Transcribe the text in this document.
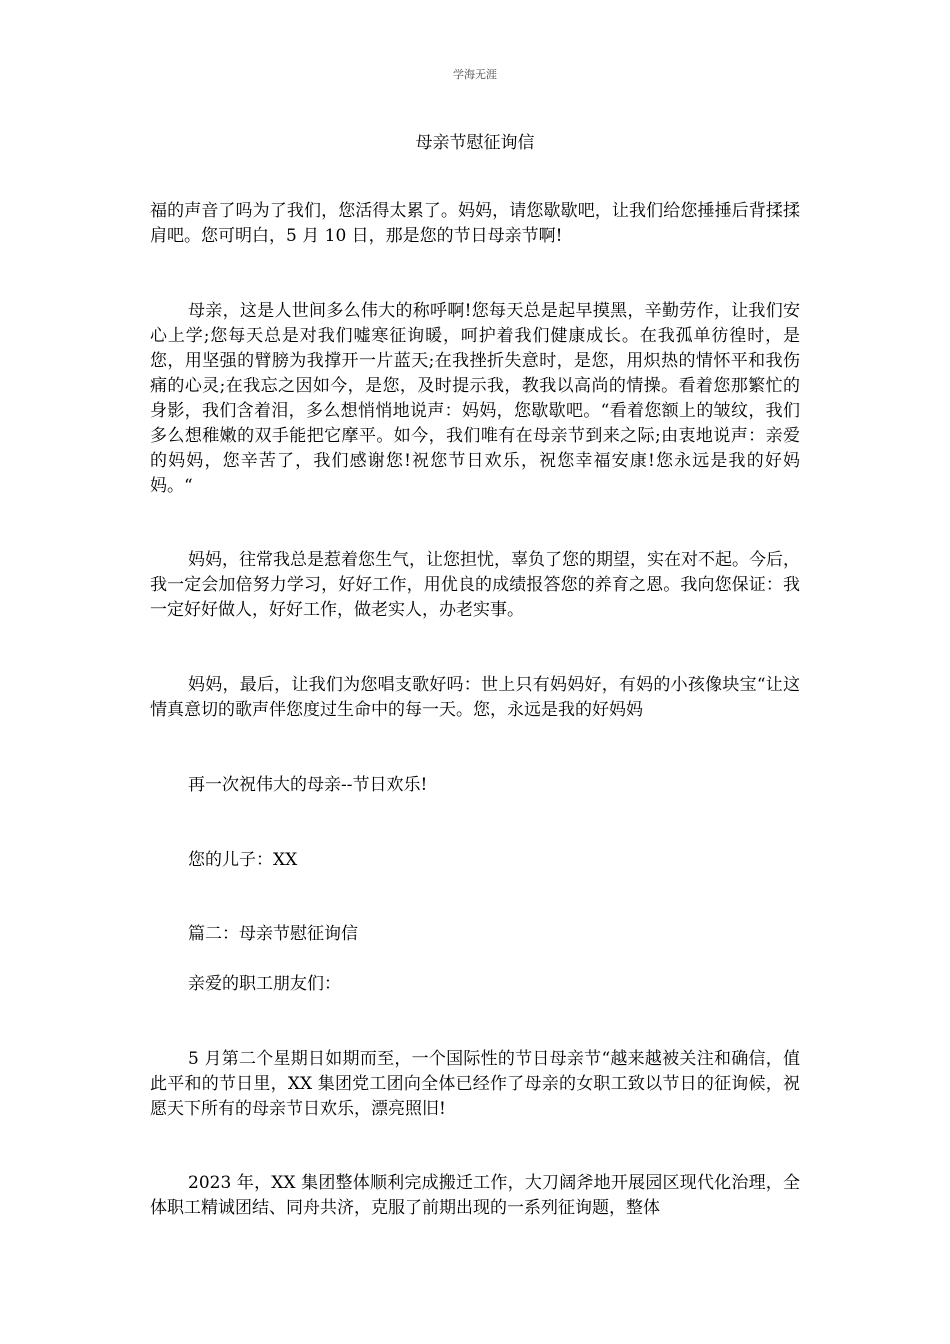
学海无涯
母亲节慰征询信

福的声音了吗为了我们，您活得太累了。妈妈，请您歇歇吧，让我们给您捶捶后背揉揉肩吧。您可明白，5 月 10 日，那是您的节日母亲节啊!

母亲，这是人世间多么伟大的称呼啊!您每天总是起早摸黑，辛勤劳作，让我们安心上学;您每天总是对我们嘘寒征询暖，呵护着我们健康成长。在我孤单彷徨时，是您，用坚强的臂膀为我撑开一片蓝天;在我挫折失意时，是您，用炽热的情怀平和我伤痛的心灵;在我忘之因如今，是您，及时提示我，教我以高尚的情操。看着您那繁忙的身影，我们含着泪，多么想悄悄地说声：妈妈，您歇歇吧。“看着您额上的皱纹，我们多么想稚嫩的双手能把它摩平。如今，我们唯有在母亲节到来之际;由衷地说声：亲爱的妈妈，您辛苦了，我们感谢您!祝您节日欢乐，祝您幸福安康!您永远是我的好妈妈。“

妈妈，往常我总是惹着您生气，让您担忧，辜负了您的期望，实在对不起。今后，我一定会加倍努力学习，好好工作，用优良的成绩报答您的养育之恩。我向您保证：我一定好好做人，好好工作，做老实人，办老实事。

妈妈，最后，让我们为您唱支歌好吗：世上只有妈妈好，有妈的小孩像块宝“让这情真意切的歌声伴您度过生命中的每一天。您，永远是我的好妈妈

再一次祝伟大的母亲--节日欢乐!

您的儿子：XX

篇二：母亲节慰征询信

亲爱的职工朋友们：

5 月第二个星期日如期而至，一个国际性的节日母亲节“越来越被关注和确信，值此平和的节日里，XX 集团党工团向全体已经作了母亲的女职工致以节日的征询候，祝愿天下所有的母亲节日欢乐，漂亮照旧!

2023 年，XX 集团整体顺利完成搬迁工作，大刀阔斧地开展园区现代化治理，全体职工精诚团结、同舟共济，克服了前期出现的一系列征询题，整体
